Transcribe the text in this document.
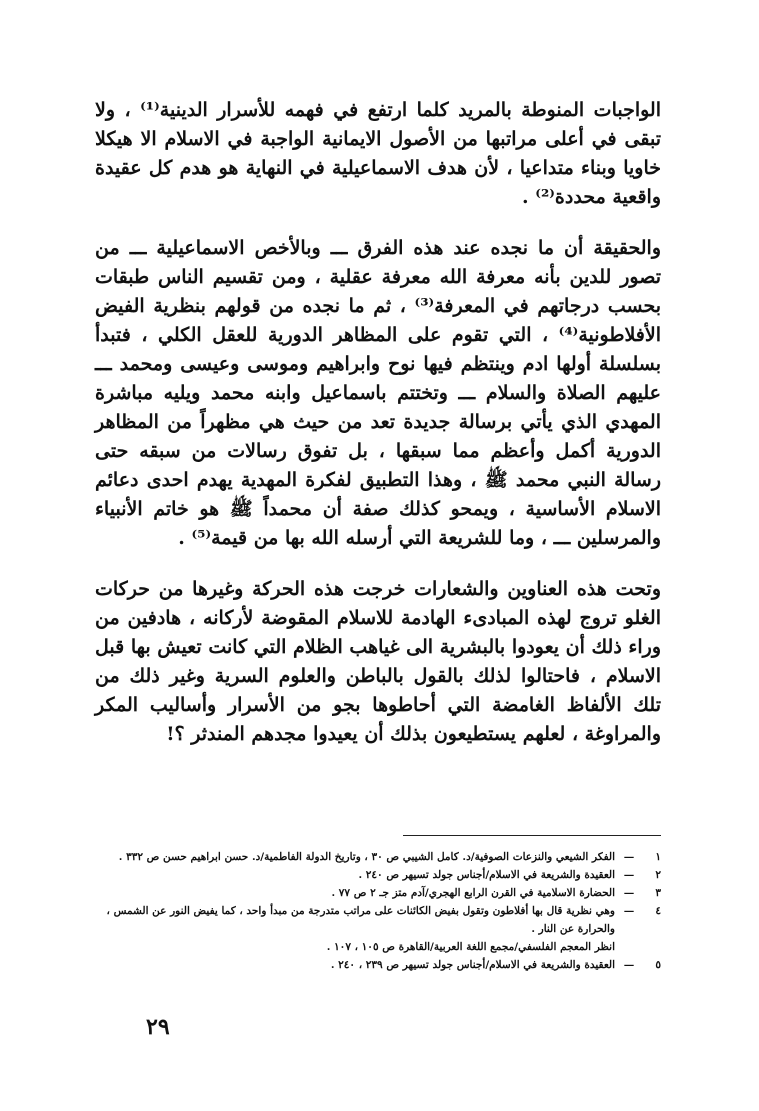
الواجبات المنوطة بالمريد كلما ارتفع في فهمه للأسرار الدينية⁽¹⁾ ، ولا تبقى في أعلى مراتبها من الأصول الايمانية الواجبة في الاسلام الا هيكلا خاويا وبناء متداعيا ، لأن هدف الاسماعيلية في النهاية هو هدم كل عقيدة واقعية محددة⁽²⁾ .

والحقيقة أن ما نجده عند هذه الفرق ـــ وبالأخص الاسماعيلية ـــ من تصور للدين بأنه معرفة الله معرفة عقلية ، ومن تقسيم الناس طبقات بحسب درجاتهم في المعرفة⁽³⁾ ، ثم ما نجده من قولهم بنظرية الفيض الأفلاطونية⁽⁴⁾ ، التي تقوم على المظاهر الدورية للعقل الكلي ، فتبدأ بسلسلة أولها ادم وينتظم فيها نوح وابراهيم وموسى وعيسى ومحمد ـــ عليهم الصلاة والسلام ـــ وتختتم باسماعيل وابنه محمد ويليه مباشرة المهدي الذي يأتي برسالة جديدة تعد من حيث هي مظهراً من المظاهر الدورية أكمل وأعظم مما سبقها ، بل تفوق رسالات من سبقه حتى رسالة النبي محمد ﷺ ، وهذا التطبيق لفكرة المهدية يهدم احدى دعائم الاسلام الأساسية ، ويمحو كذلك صفة أن محمداً ﷺ هو خاتم الأنبياء والمرسلين ـــ ، وما للشريعة التي أرسله الله بها من قيمة⁽⁵⁾ .

وتحت هذه العناوين والشعارات خرجت هذه الحركة وغيرها من حركات الغلو تروج لهذه المبادىء الهادمة للاسلام المقوضة لأركانه ، هادفين من وراء ذلك أن يعودوا بالبشرية الى غياهب الظلام التي كانت تعيش بها قبل الاسلام ، فاحتالوا لذلك بالقول بالباطن والعلوم السرية وغير ذلك من تلك الألفاظ الغامضة التي أحاطوها بجو من الأسرار وأساليب المكر والمراوغة ، لعلهم يستطيعون بذلك أن يعيدوا مجدهم المندثر ؟!

١
—
الفكر الشيعي والنزعات الصوفية/د. كامل الشيبي ص ٣٠ ، وتاريخ الدولة الفاطمية/د. حسن ابراهيم حسن ص ٣٣٢ .
٢
—
العقيدة والشريعة في الاسلام/أجناس جولد تسيهر ص ٢٤٠ .
٣
—
الحضارة الاسلامية في القرن الرابع الهجري/آدم متز جـ ٢ ص ٧٧ .
٤
—
وهي نظرية قال بها أفلاطون وتقول بفيض الكائنات على مراتب متدرجة من مبدأ واحد ، كما يفيض النور عن الشمس ، والحرارة عن النار .
انظر المعجم الفلسفي/مجمع اللغة العربية/القاهرة ص ١٠٥ ، ١٠٧ .
٥
—
العقيدة والشريعة في الاسلام/أجناس جولد تسيهر ص ٢٣٩ ، ٢٤٠ .
٢٩
